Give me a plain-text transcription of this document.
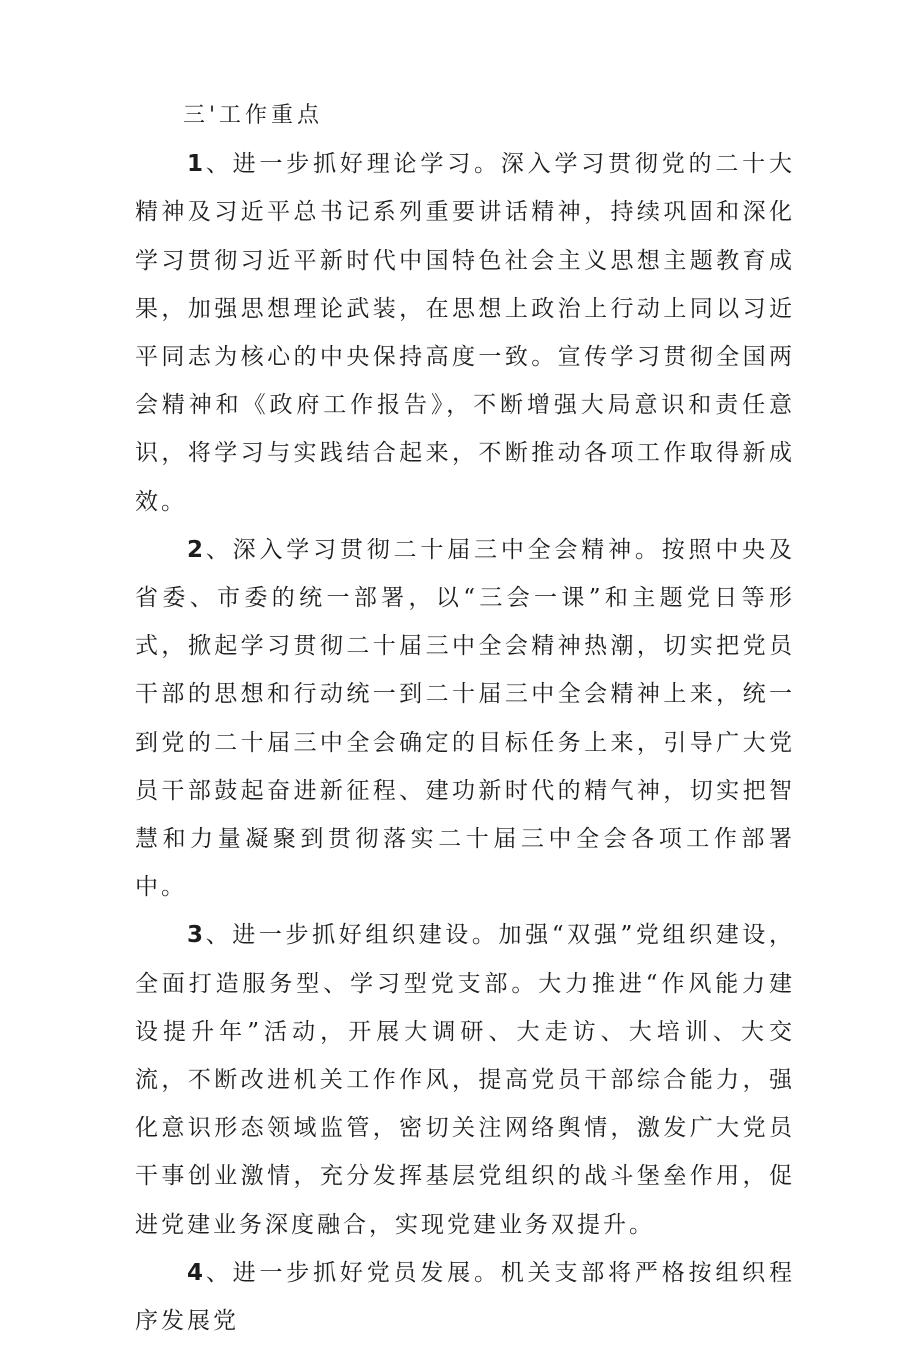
三'工作重点

1、进一步抓好理论学习。深入学习贯彻党的二十大精神及习近平总书记系列重要讲话精神，持续巩固和深化学习贯彻习近平新时代中国特色社会主义思想主题教育成果，加强思想理论武装，在思想上政治上行动上同以习近平同志为核心的中央保持高度一致。宣传学习贯彻全国两会精神和《政府工作报告》，不断增强大局意识和责任意识，将学习与实践结合起来，不断推动各项工作取得新成效。

2、深入学习贯彻二十届三中全会精神。按照中央及省委、市委的统一部署，以“三会一课”和主题党日等形式，掀起学习贯彻二十届三中全会精神热潮，切实把党员干部的思想和行动统一到二十届三中全会精神上来，统一到党的二十届三中全会确定的目标任务上来，引导广大党员干部鼓起奋进新征程、建功新时代的精气神，切实把智慧和力量凝聚到贯彻落实二十届三中全会各项工作部署中。

3、进一步抓好组织建设。加强“双强”党组织建设，全面打造服务型、学习型党支部。大力推进“作风能力建设提升年”活动，开展大调研、大走访、大培训、大交流，不断改进机关工作作风，提高党员干部综合能力，强化意识形态领域监管，密切关注网络舆情，激发广大党员干事创业激情，充分发挥基层党组织的战斗堡垒作用，促进党建业务深度融合，实现党建业务双提升。

4、进一步抓好党员发展。机关支部将严格按组织程序发展党
